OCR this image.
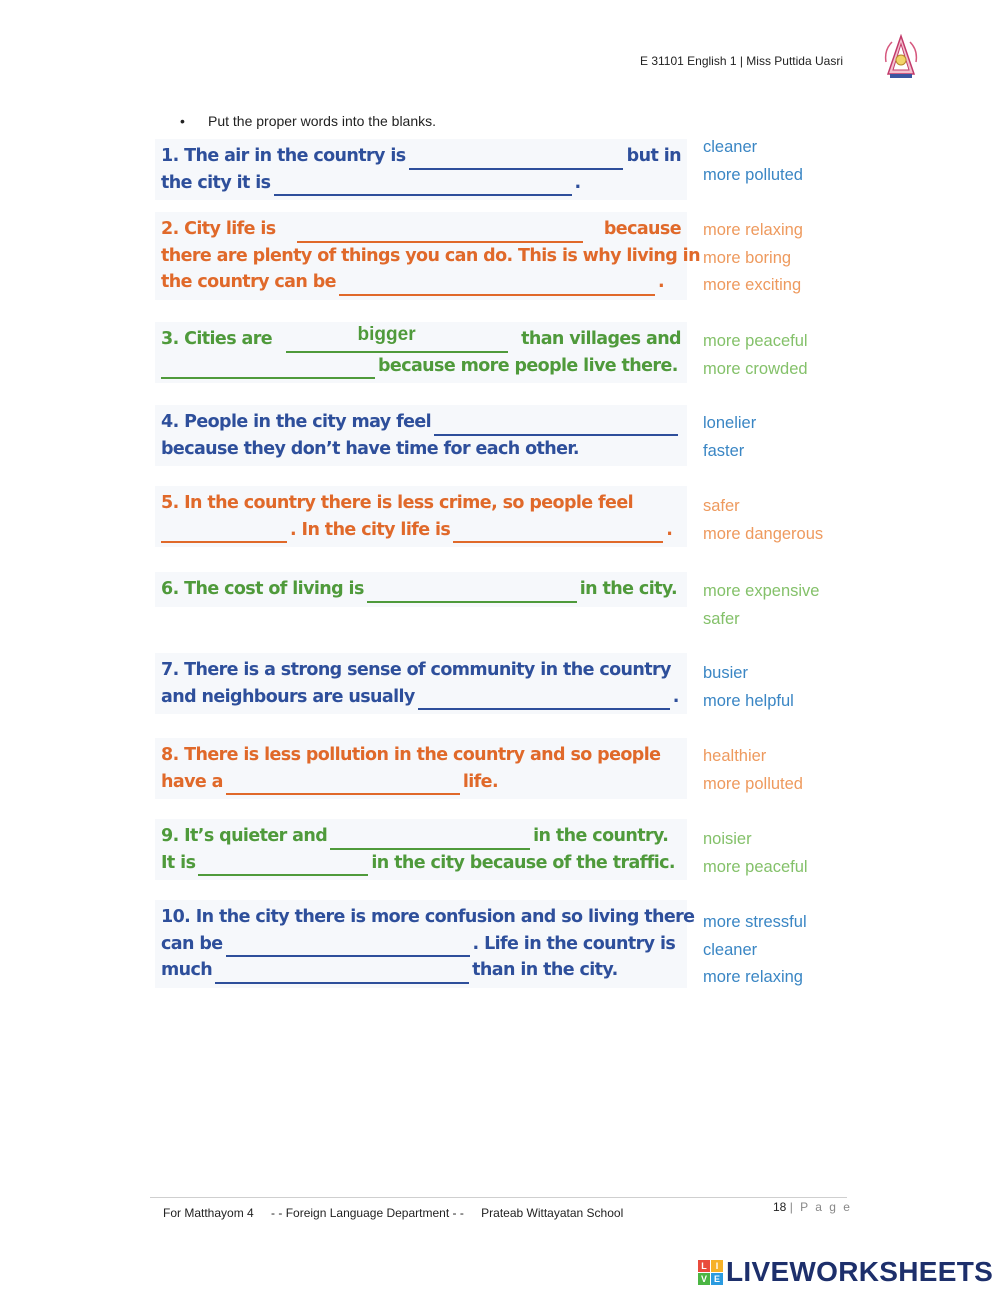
E 31101 English 1 | Miss Puttida Uasri
• Put the proper words into the blanks.
1. The air in the country is	but in
the city it is	.
cleaner
more polluted
2. City life is	because
there are plenty of things you can do. This is why living in
the country can be	.
more relaxing
more boring
more exciting
3. Cities are	bigger	than villages and
because more people live there.
more peaceful
more crowded
4. People in the city may feel
because they don’t have time for each other.
lonelier
faster
5. In the country there is less crime, so people feel
. In the city life is	.
safer
more dangerous
6. The cost of living is	in the city. more expensive
safer
7. There is a strong sense of community in the country
and neighbours are usually	.
busier
more helpful
8. There is less pollution in the country and so people
have a	life.
healthier
more polluted
9. It’s quieter and	in the country.
It is	in the city because of the traffic.
noisier
more peaceful
10. In the city there is more confusion and so living there
can be	. Life in the country is
much	than in the city.
more stressful
cleaner
more relaxing
18 | P a g e
For Matthayom 4 - - Foreign Language Department - - Prateab Wittayatan School
L I
V E LIVEWORKSHEETS
